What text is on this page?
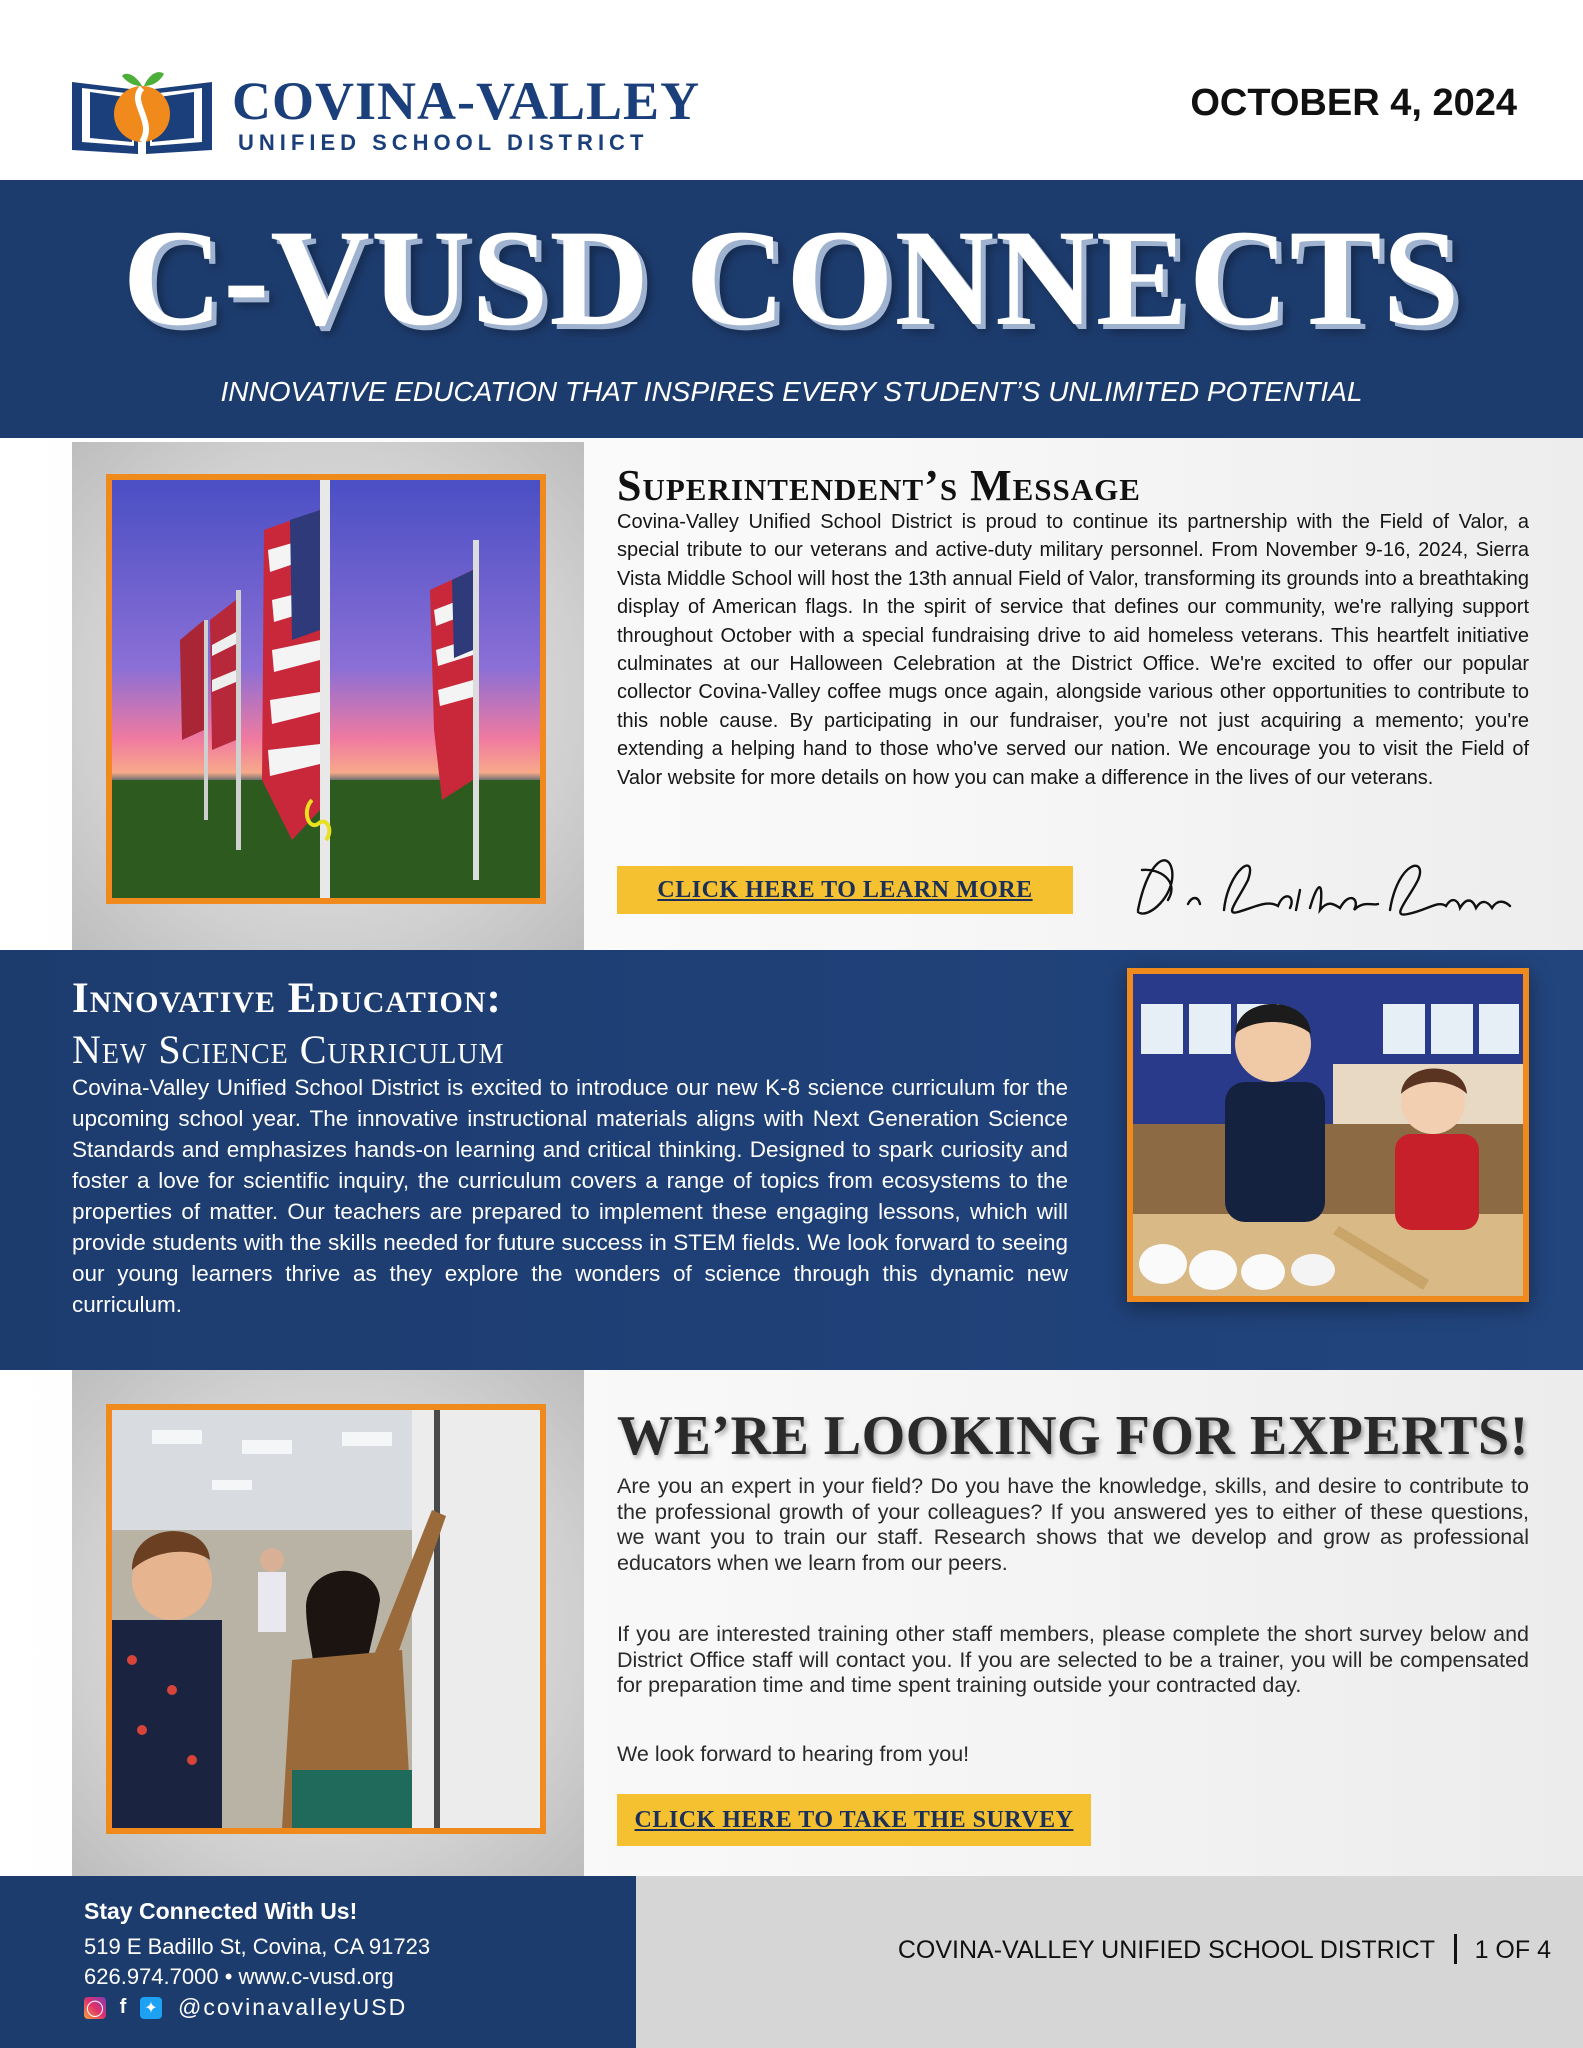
COVINA-VALLEY
UNIFIED SCHOOL DISTRICT
OCTOBER 4, 2024
C-VUSD CONNECTS
INNOVATIVE EDUCATION THAT INSPIRES EVERY STUDENT’S UNLIMITED POTENTIAL
Superintendent’s Message
Covina-Valley Unified School District is proud to continue its partnership with the Field of Valor, a special tribute to our veterans and active-duty military personnel. From November 9-16, 2024, Sierra Vista Middle School will host the 13th annual Field of Valor, transforming its grounds into a breathtaking display of American flags. In the spirit of service that defines our community, we're rallying support throughout October with a special fundraising drive to aid homeless veterans. This heartfelt initiative culminates at our Halloween Celebration at the District Office. We're excited to offer our popular collector Covina-Valley coffee mugs once again, alongside various other opportunities to contribute to this noble cause. By participating in our fundraiser, you're not just acquiring a memento; you're extending a helping hand to those who've served our nation. We encourage you to visit the Field of Valor website for more details on how you can make a difference in the lives of our veterans.
CLICK HERE TO LEARN MORE
Innovative Education:
New Science Curriculum
Covina-Valley Unified School District is excited to introduce our new K-8 science curriculum for the upcoming school year. The innovative instructional materials aligns with Next Generation Science Standards and emphasizes hands-on learning and critical thinking. Designed to spark curiosity and foster a love for scientific inquiry, the curriculum covers a range of topics from ecosystems to the properties of matter. Our teachers are prepared to implement these engaging lessons, which will provide students with the skills needed for future success in STEM fields. We look forward to seeing our young learners thrive as they explore the wonders of science through this dynamic new curriculum.
WE’RE LOOKING FOR EXPERTS!
Are you an expert in your field? Do you have the knowledge, skills, and desire to contribute to the professional growth of your colleagues? If you answered yes to either of these questions, we want you to train our staff. Research shows that we develop and grow as professional educators when we learn from our peers.
If you are interested training other staff members, please complete the short survey below and District Office staff will contact you. If you are selected to be a trainer, you will be compensated for preparation time and time spent training outside your contracted day.
We look forward to hearing from you!
CLICK HERE TO TAKE THE SURVEY
Stay Connected With Us!
519 E Badillo St, Covina, CA 91723
626.974.7000 • www.c-vusd.org
◯ f	✦ @covinavalleyUSD
COVINA-VALLEY UNIFIED SCHOOL DISTRICT 1 OF 4
